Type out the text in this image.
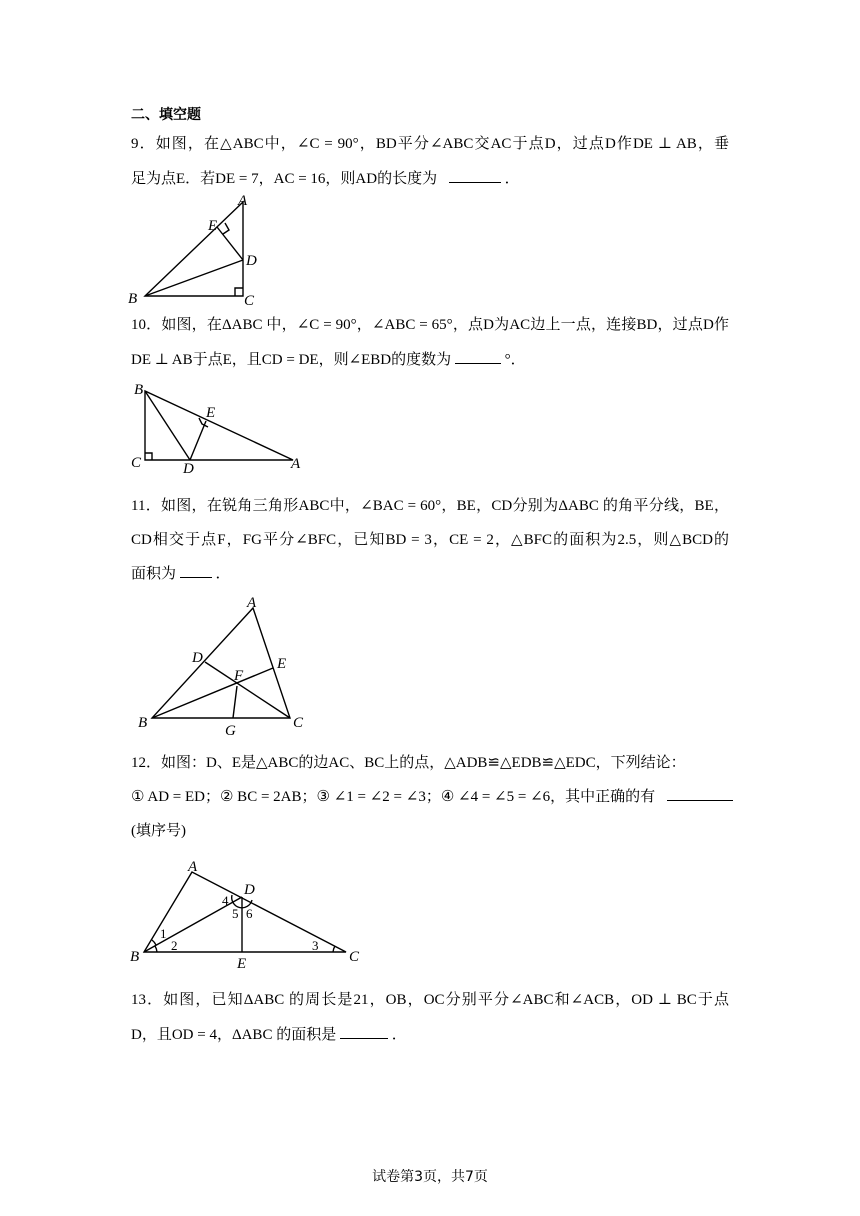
二、填空题
9．如图，在△ABC中，∠C = 90°，BD平分∠ABC交AC于点D，过点D作DE ⊥ AB，垂
足为点E．若DE = 7，AC = 16，则AD的长度为	．
A
B	C
D
E
10．如图，在ΔABC 中，∠C = 90°，∠ABC = 65°，点D为AC边上一点，连接BD，过点D作
DE ⊥ AB于点E，且CD = DE，则∠EBD的度数为	°．
B
C	D	A
E
11．如图，在锐角三角形ABC中，∠BAC = 60°，BE，CD分别为ΔABC 的角平分线，BE，
CD相交于点F，FG平分∠BFC，已知BD = 3，CE = 2，△BFC的面积为2.5，则△BCD的
面积为	．
A
B	C
D	E
F
G
12．如图：D、E是△ABC的边AC、BC上的点，△ADB≌△EDB≌△EDC，下列结论：
① AD = ED；② BC = 2AB；③ ∠1 = ∠2 = ∠3；④ ∠4 = ∠5 = ∠6，其中正确的有
(填序号)
1
2	3
4
5 6
A
B	C
D
E
13．如图，已知ΔABC 的周长是21，OB，OC分别平分∠ABC和∠ACB，OD ⊥ BC于点
D，且OD = 4，ΔABC 的面积是	．
试卷第3页，共7页
